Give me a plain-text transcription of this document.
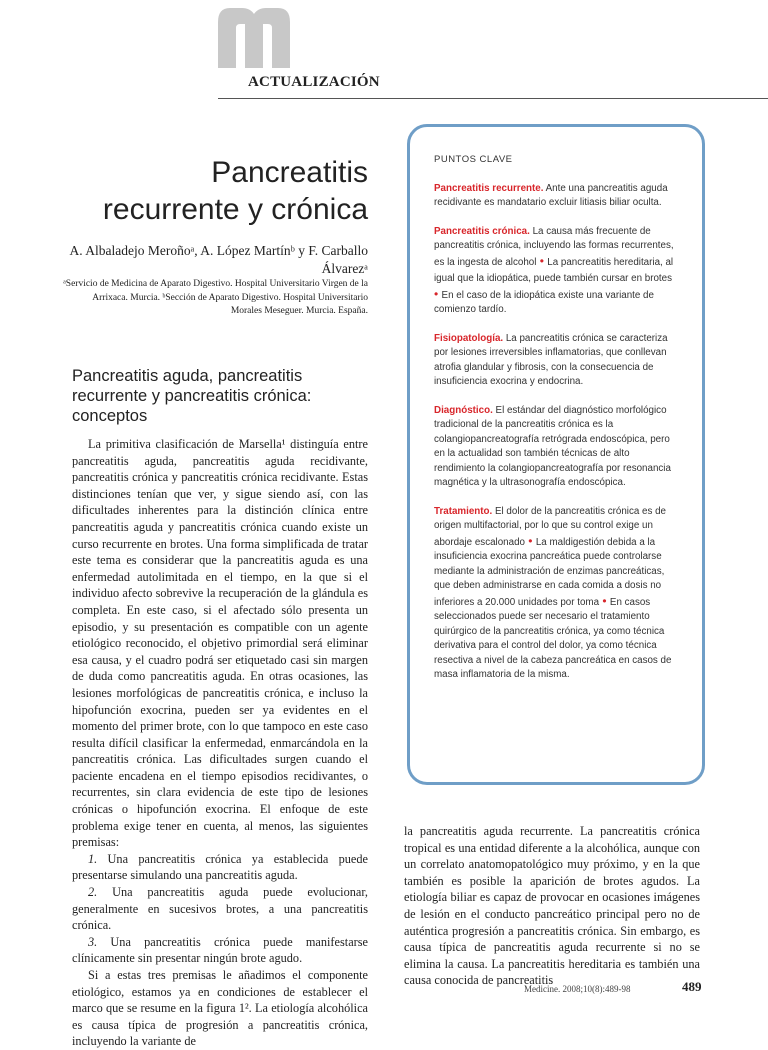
ACTUALIZACIÓN
Pancreatitis
recurrente y crónica
A. Albaladejo Meroñoᵃ, A. López Martínᵇ y F. Carballo Álvarezᵃ
ᵃServicio de Medicina de Aparato Digestivo. Hospital Universitario Virgen de la Arrixaca. Murcia. ᵇSección de Aparato Digestivo. Hospital Universitario Morales Meseguer. Murcia. España.
Pancreatitis aguda, pancreatitis recurrente y pancreatitis crónica: conceptos

La primitiva clasificación de Marsella¹ distinguía entre pancreatitis aguda, pancreatitis aguda recidivante, pancreatitis crónica y pancreatitis crónica recidivante. Estas distinciones tenían que ver, y sigue siendo así, con las dificultades inherentes para la distinción clínica entre pancreatitis aguda y pancreatitis crónica cuando existe un curso recurrente en brotes. Una forma simplificada de tratar este tema es considerar que la pancreatitis aguda es una enfermedad autolimitada en el tiempo, en la que si el individuo afecto sobrevive la recuperación de la glándula es completa. En este caso, si el afectado sólo presenta un episodio, y su presentación es compatible con un agente etiológico reconocido, el objetivo primordial será eliminar esa causa, y el cuadro podrá ser etiquetado casi sin margen de duda como pancreatitis aguda. En otras ocasiones, las lesiones morfológicas de pancreatitis crónica, e incluso la hipofunción exocrina, pueden ser ya evidentes en el momento del primer brote, con lo que tampoco en este caso resulta difícil clasificar la enfermedad, enmarcándola en la pancreatitis crónica. Las dificultades surgen cuando el paciente encadena en el tiempo episodios recidivantes, o recurrentes, sin clara evidencia de este tipo de lesiones crónicas o hipofunción exocrina. El enfoque de este problema exige tener en cuenta, al menos, las siguientes premisas:

1. Una pancreatitis crónica ya establecida puede presentarse simulando una pancreatitis aguda.

2. Una pancreatitis aguda puede evolucionar, generalmente en sucesivos brotes, a una pancreatitis crónica.

3. Una pancreatitis crónica puede manifestarse clínicamente sin presentar ningún brote agudo.

Si a estas tres premisas le añadimos el componente etiológico, estamos ya en condiciones de establecer el marco que se resume en la figura 1². La etiología alcohólica es causa típica de progresión a pancreatitis crónica, incluyendo la variante de

PUNTOS CLAVE

Pancreatitis recurrente. Ante una pancreatitis aguda recidivante es mandatario excluir litiasis biliar oculta.

Pancreatitis crónica. La causa más frecuente de pancreatitis crónica, incluyendo las formas recurrentes, es la ingesta de alcohol • La pancreatitis hereditaria, al igual que la idiopática, puede también cursar en brotes • En el caso de la idiopática existe una variante de comienzo tardío.

Fisiopatología. La pancreatitis crónica se caracteriza por lesiones irreversibles inflamatorias, que conllevan atrofia glandular y fibrosis, con la consecuencia de insuficiencia exocrina y endocrina.

Diagnóstico. El estándar del diagnóstico morfológico tradicional de la pancreatitis crónica es la colangiopancreatografía retrógrada endoscópica, pero en la actualidad son también técnicas de alto rendimiento la colangiopancreatografía por resonancia magnética y la ultrasonografía endoscópica.

Tratamiento. El dolor de la pancreatitis crónica es de origen multifactorial, por lo que su control exige un abordaje escalonado • La maldigestión debida a la insuficiencia exocrina pancreática puede controlarse mediante la administración de enzimas pancreáticas, que deben administrarse en cada comida a dosis no inferiores a 20.000 unidades por toma • En casos seleccionados puede ser necesario el tratamiento quirúrgico de la pancreatitis crónica, ya como técnica derivativa para el control del dolor, ya como técnica resectiva a nivel de la cabeza pancreática en casos de masa inflamatoria de la misma.

la pancreatitis aguda recurrente. La pancreatitis crónica tropical es una entidad diferente a la alcohólica, aunque con un correlato anatomopatológico muy próximo, y en la que también es posible la aparición de brotes agudos. La etiología biliar es capaz de provocar en ocasiones imágenes de lesión en el conducto pancreático principal pero no de auténtica progresión a pancreatitis crónica. Sin embargo, es causa típica de pancreatitis aguda recurrente si no se elimina la causa. La pancreatitis hereditaria es también una causa conocida de pancreatitis

Medicine. 2008;10(8):489-98	489
